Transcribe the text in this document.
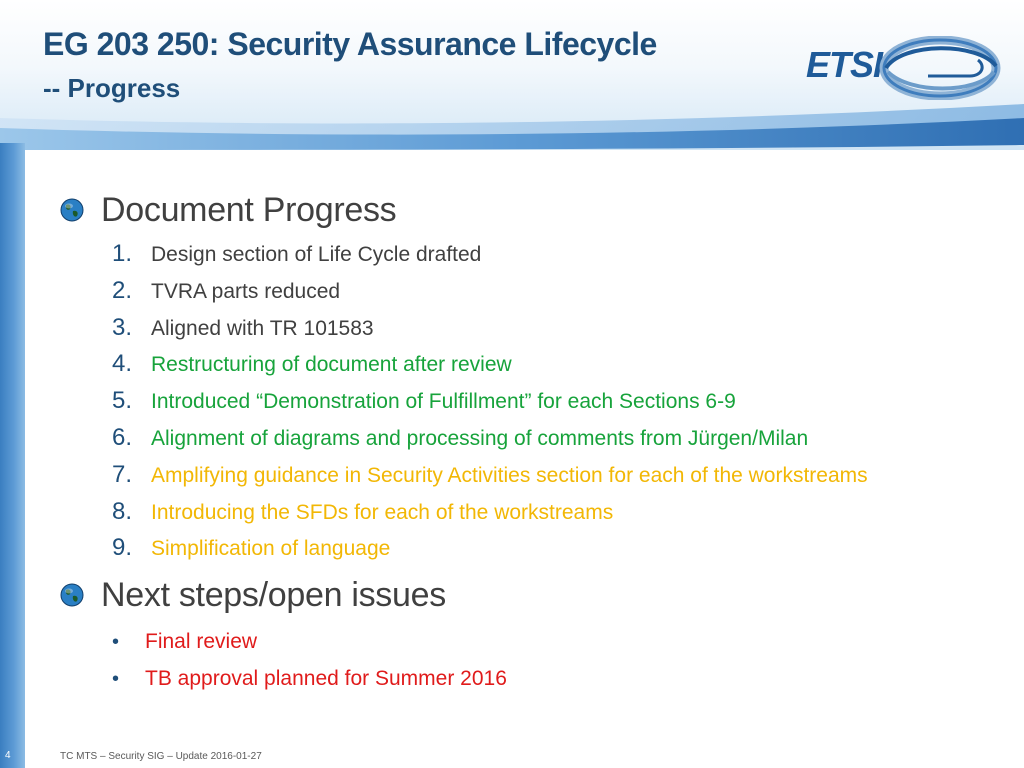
EG 203 250: Security Assurance Lifecycle
-- Progress
ETSI
Document Progress
1. Design section of Life Cycle drafted
2. TVRA parts reduced
3. Aligned with TR 101583
4. Restructuring of document after review
5. Introduced “Demonstration of Fulfillment” for each Sections 6-9
6. Alignment of diagrams and processing of comments from Jürgen/Milan
7. Amplifying guidance in Security Activities section for each of the workstreams
8. Introducing the SFDs for each of the workstreams
9. Simplification of language
Next steps/open issues
• Final review
• TB approval planned for Summer 2016
4	TC MTS – Security SIG – Update 2016-01-27
